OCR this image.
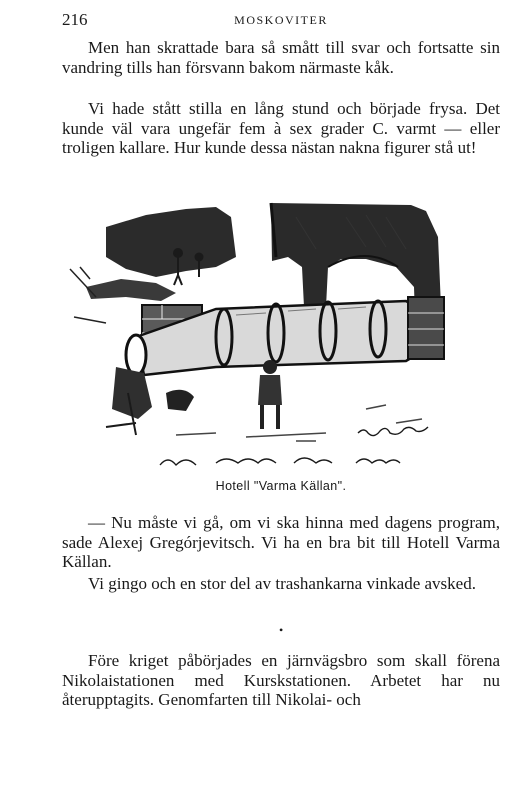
216	MOSKOVITER

Men han skrattade bara så smått till svar och fortsatte sin vandring tills han försvann bakom närmaste kåk.

Vi hade stått stilla en lång stund och började frysa. Det kunde väl vara ungefär fem à sex grader C. varmt — eller troligen kallare. Hur kunde dessa nästan nakna figurer stå ut!

Hotell "Varma Källan".

— Nu måste vi gå, om vi ska hinna med dagens program, sade Alexej Gregórjevitsch. Vi ha en bra bit till Hotell Varma Källan.

Vi gingo och en stor del av trashankarna vinkade avsked.

•

Före kriget påbörjades en järnvägsbro som skall förena Nikolaistationen med Kurskstationen. Arbetet har nu återupptagits. Genomfarten till Nikolai- och
